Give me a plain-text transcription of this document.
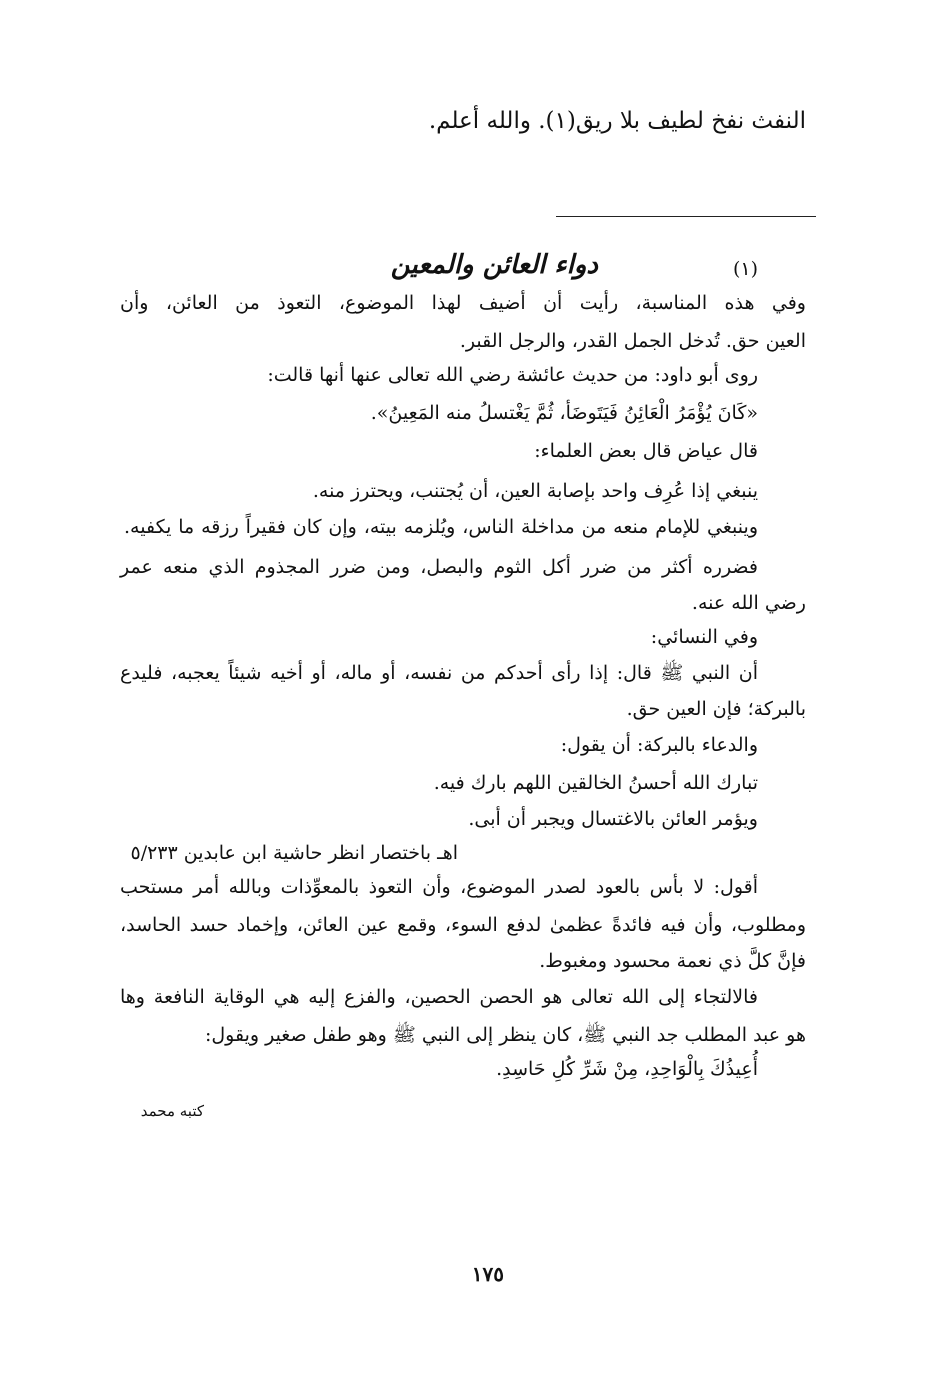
النفث نفخ لطيف بلا ريق(١). والله أعلم.
(١)
دواء العائن والمعين
وفي هذه المناسبة، رأيت أن أضيف لهذا الموضوع، التعوذ من العائن، وأن
العين حق. تُدخل الجمل القدر، والرجل القبر.
روى أبو داود: من حديث عائشة رضي الله تعالى عنها أنها قالت:
«كَانَ يُؤْمَرُ الْعَائِنُ فَيَتَوضَأ، ثُمَّ يَغْتسلُ منه المَعِينُ».
قال عياض قال بعض العلماء:
ينبغي إذا عُرِف واحد بإصابة العين، أن يُجتنب، ويحترز منه.
وينبغي للإمام منعه من مداخلة الناس، ويُلزمه بيته، وإن كان فقيراً رزقه ما يكفيه.
فضرره أكثر من ضرر أكل الثوم والبصل، ومن ضرر المجذوم الذي منعه عمر
رضي الله عنه.
وفي النسائي:
أن النبي ﷺ قال: إذا رأى أحدكم من نفسه، أو ماله، أو أخيه شيئاً يعجبه، فليدع
بالبركة؛ فإن العين حق.
والدعاء بالبركة: أن يقول:
تبارك الله أحسنُ الخالقين اللهم بارك فيه.
ويؤمر العائن بالاغتسال ويجبر أن أبى.
اهـ باختصار انظر حاشية ابن عابدين ٥/٢٣٣
أقول: لا بأس بالعود لصدر الموضوع، وأن التعوذ بالمعوِّذات وبالله أمر مستحب
ومطلوب، وأن فيه فائدةً عظمىٰ لدفع السوء، وقمع عين العائن، وإخماد حسد الحاسد،
فإنَّ كلَّ ذي نعمة محسود ومغبوط.
فالالتجاء إلى الله تعالى هو الحصن الحصين، والفزع إليه هي الوقاية النافعة وها
هو عبد المطلب جد النبي ﷺ، كان ينظر إلى النبي ﷺ وهو طفل صغير ويقول:
أُعِيذُكَ بِالْوَاحِدِ، مِنْ شَرِّ كُلِ حَاسِدِ.
كتبه محمد
١٧٥
